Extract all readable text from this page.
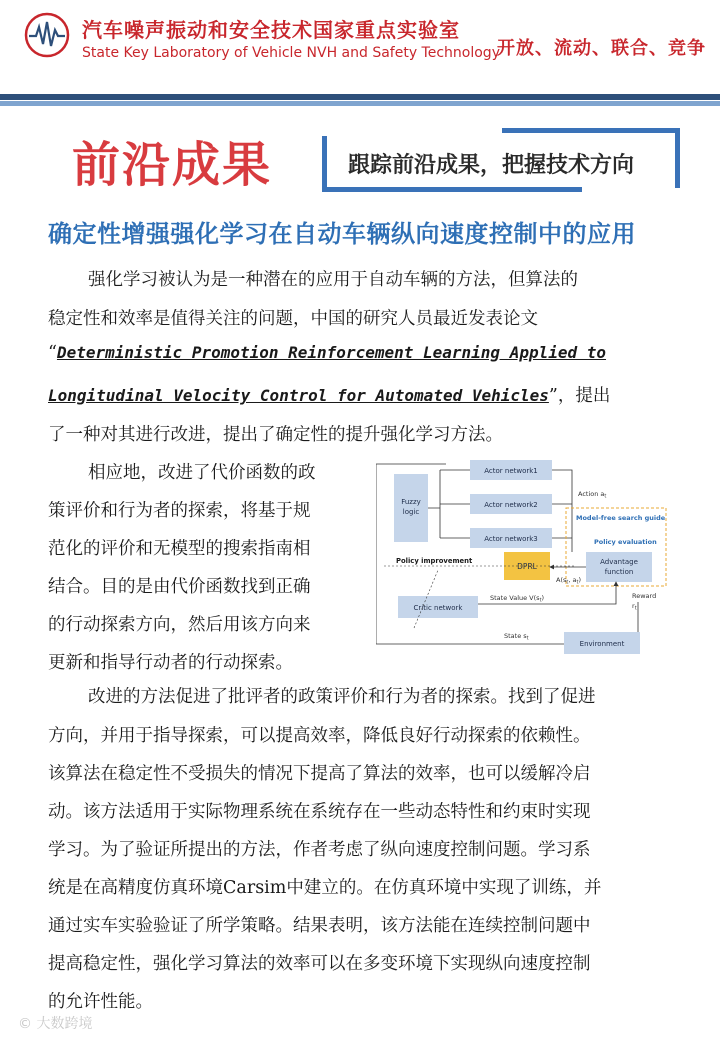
汽车噪声振动和安全技术国家重点实验室
State Key Laboratory of Vehicle NVH and Safety Technology
开放、流动、联合、竞争
前沿成果	跟踪前沿成果，把握技术方向
确定性增强强化学习在自动车辆纵向速度控制中的应用
强化学习被认为是一种潜在的应用于自动车辆的方法，但算法的
稳定性和效率是值得关注的问题，中国的研究人员最近发表论文
“Deterministic Promotion Reinforcement Learning Applied to
Longitudinal Velocity Control for Automated Vehicles”，提出
了一种对其进行改进，提出了确定性的提升强化学习方法。
相应地，改进了代价函数的政
策评价和行为者的探索，将基于规
范化的评价和无模型的搜索指南相
结合。目的是由代价函数找到正确
的行动探索方向，然后用该方向来
更新和指导行动者的行动探索。
Fuzzy
logic
Actor network1
Actor network2
Actor network3
Action $a_t$
Model-free search guide
Policy evaluation
DPRL
Policy improvement	Advantage
function
$A(s_t$, $a_t$)
Critic network
State Value $V(s_t)$	Reward
$r_t$
Environment
State $s_t$
改进的方法促进了批评者的政策评价和行为者的探索。找到了促进
方向，并用于指导探索，可以提高效率，降低良好行动探索的依赖性。
该算法在稳定性不受损失的情况下提高了算法的效率，也可以缓解冷启
动。该方法适用于实际物理系统在系统存在一些动态特性和约束时实现
学习。为了验证所提出的方法，作者考虑了纵向速度控制问题。学习系
统是在高精度仿真环境Carsim中建立的。在仿真环境中实现了训练，并
通过实车实验验证了所学策略。结果表明，该方法能在连续控制问题中
提高稳定性，强化学习算法的效率可以在多变环境下实现纵向速度控制
的允许性能。
© 大数跨境
